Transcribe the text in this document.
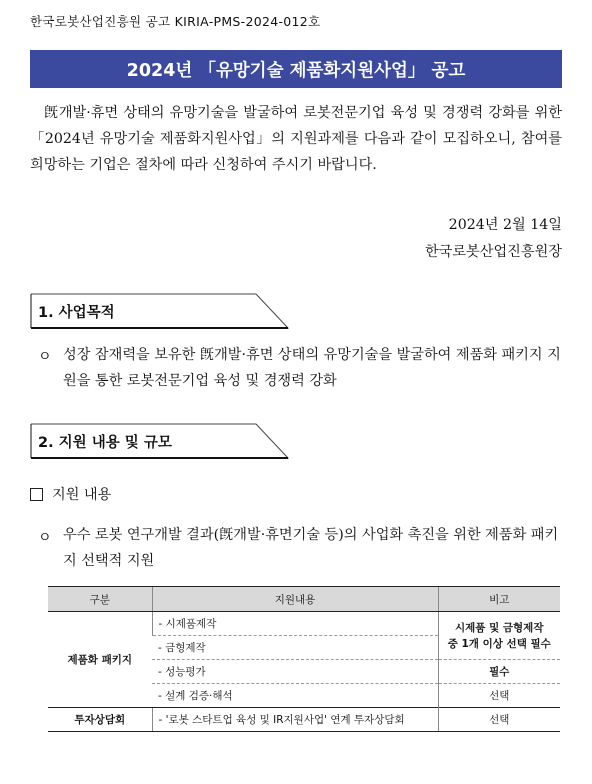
한국로봇산업진흥원 공고 KIRIA-PMS-2024-012호
2024년 「유망기술 제품화지원사업」 공고

旣개발·휴면 상태의 유망기술을 발굴하여 로봇전문기업 육성 및 경쟁력 강화를 위한 「2024년 유망기술 제품화지원사업」의 지원과제를 다음과 같이 모집하오니, 참여를 희망하는 기업은 절차에 따라 신청하여 주시기 바랍니다.

2024년 2월 14일
한국로봇산업진흥원장
1. 사업목적
ㅇ 성장 잠재력을 보유한 旣개발·휴면 상태의 유망기술을 발굴하여 제품화 패키지 지원을 통한 로봇전문기업 육성 및 경쟁력 강화

2. 지원 내용 및 규모
지원 내용
ㅇ 우수 로봇 연구개발 결과(旣개발·휴면기술 등)의 사업화 촉진을 위한 제품화 패키지 선택적 지원

구분	지원내용	비고
제품화 패키지	- 시제품제작	시제품 및 금형제작
중 1개 이상 선택 필수
	- 금형제작	
	- 성능평가	필수
	- 설계 검증·해석	선택
투자상담회	- '로봇 스타트업 육성 및 IR지원사업' 연계 투자상담회	선택
